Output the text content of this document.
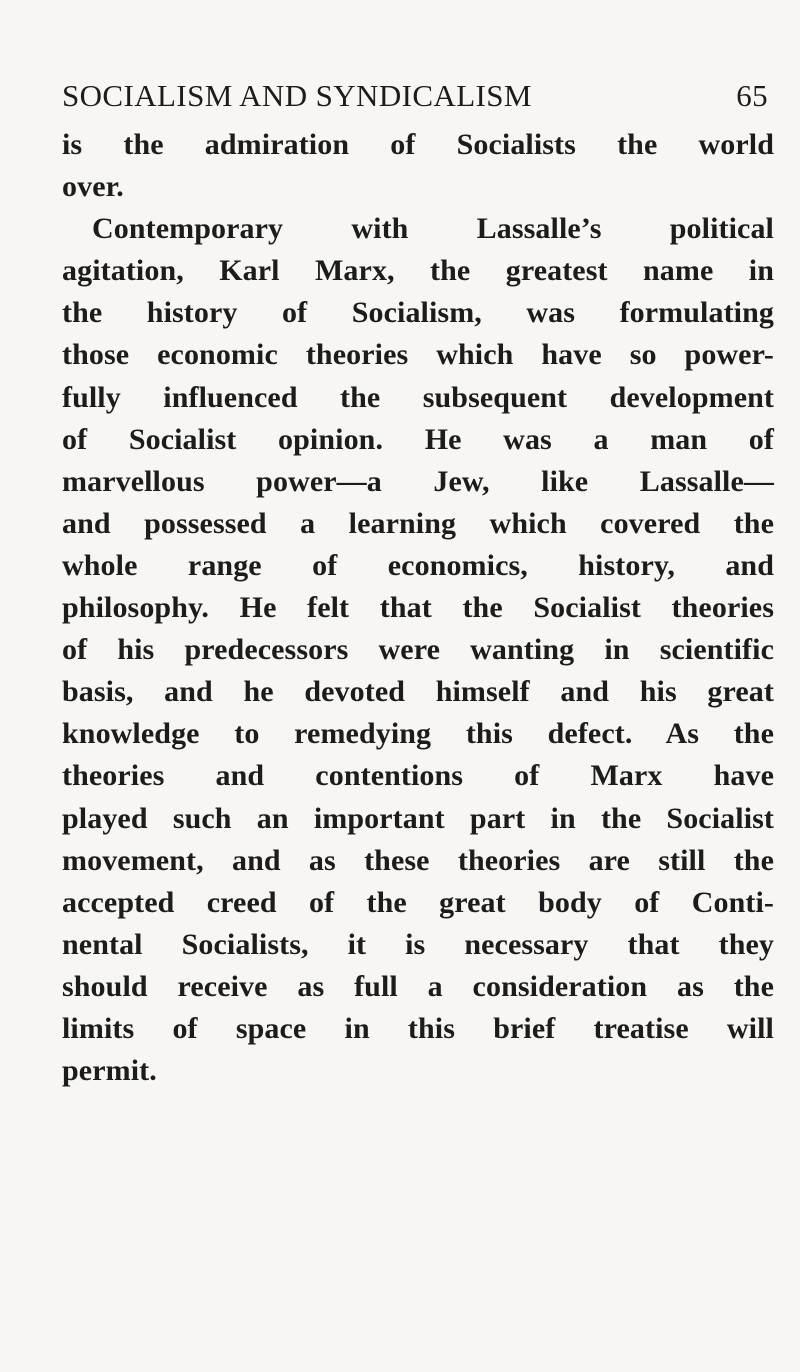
SOCIALISM AND SYNDICALISM	65

is the admiration of Socialists the world
over.

Contemporary with Lassalle’s political
agitation, Karl Marx, the greatest name in
the history of Socialism, was formulating
those economic theories which have so power-
fully influenced the subsequent development
of Socialist opinion. He was a man of
marvellous power—a Jew, like Lassalle—
and possessed a learning which covered the
whole range of economics, history, and
philosophy. He felt that the Socialist theories
of his predecessors were wanting in scientific
basis, and he devoted himself and his great
knowledge to remedying this defect. As the
theories and contentions of Marx have
played such an important part in the Socialist
movement, and as these theories are still the
accepted creed of the great body of Conti-
nental Socialists, it is necessary that they
should receive as full a consideration as the
limits of space in this brief treatise will
permit.
